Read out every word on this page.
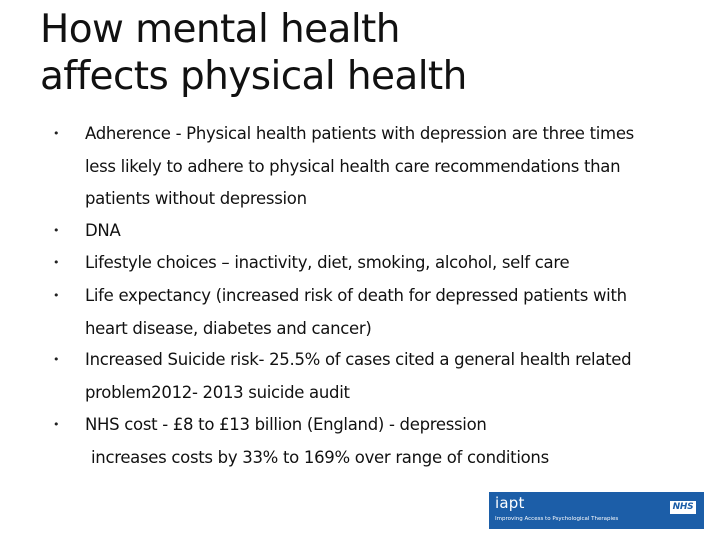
How mental health
affects physical health
• Adherence - Physical health patients with depression are three times
less likely to adhere to physical health care recommendations than
patients without depression
• DNA
• Lifestyle choices – inactivity, diet, smoking, alcohol, self care
• Life expectancy (increased risk of death for depressed patients with
heart disease, diabetes and cancer)
• Increased Suicide risk- 25.5% of cases cited a general health related
problem2012- 2013 suicide audit
• NHS cost - £8 to £13 billion (England) - depression
increases costs by 33% to 169% over range of conditions
iapt
Improving Access to Psychological Therapies
NHS
